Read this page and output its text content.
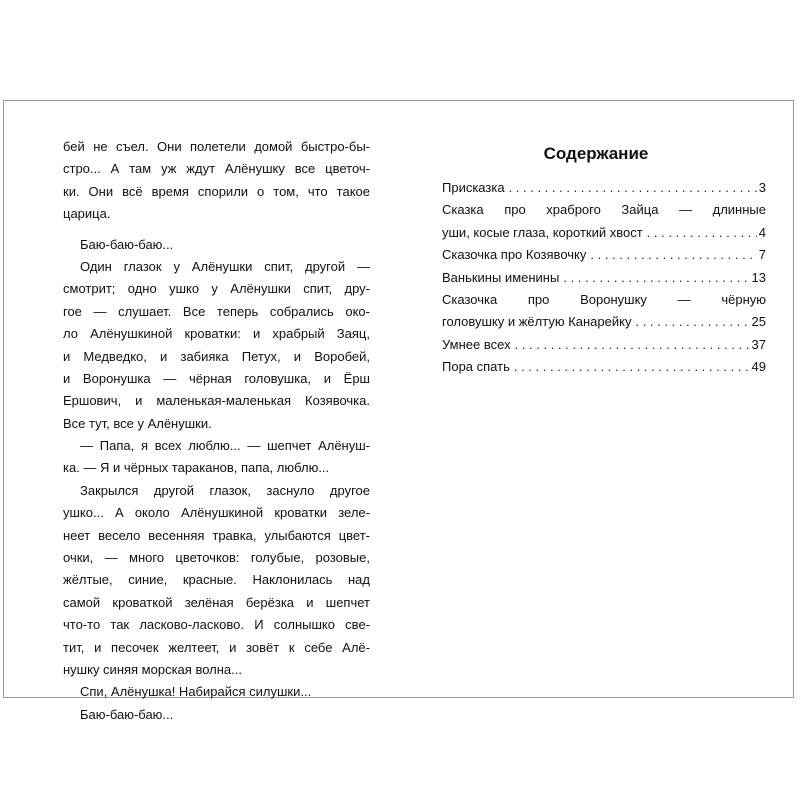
бей не съел. Они полетели домой быстро-бы-
стро... А там уж ждут Алёнушку все цветоч-
ки. Они всё время спорили о том, что такое
царица.
Баю-баю-баю...
Один глазок у Алёнушки спит, другой —
смотрит; одно ушко у Алёнушки спит, дру-
гое — слушает. Все теперь собрались око-
ло Алёнушкиной кроватки: и храбрый Заяц,
и Медведко, и забияка Петух, и Воробей,
и Воронушка — чёрная головушка, и Ёрш
Ершович, и маленькая-маленькая Козявочка.
Все тут, все у Алёнушки.
— Папа, я всех люблю... — шепчет Алёнуш-
ка. — Я и чёрных тараканов, папа, люблю...
Закрылся другой глазок, заснуло другое
ушко... А около Алёнушкиной кроватки зеле-
неет весело весенняя травка, улыбаются цвет-
очки, — много цветочков: голубые, розовые,
жёлтые, синие, красные. Наклонилась над
самой кроваткой зелёная берёзка и шепчет
что-то так ласково-ласково. И солнышко све-
тит, и песочек желтеет, и зовёт к себе Алё-
нушку синяя морская волна...
Спи, Алёнушка! Набирайся силушки...
Баю-баю-баю...
Содержание
Присказка . . .	3
Сказка про храброго Зайца — длинные
уши, косые глаза, короткий хвост . . .	4
Сказочка про Козявочку . . .	7
Ванькины именины . . .	13
Сказочка про Воронушку — чёрную
головушку и жёлтую Канарейку . . .	25
Умнее всех . . .	37
Пора спать . . .	49
